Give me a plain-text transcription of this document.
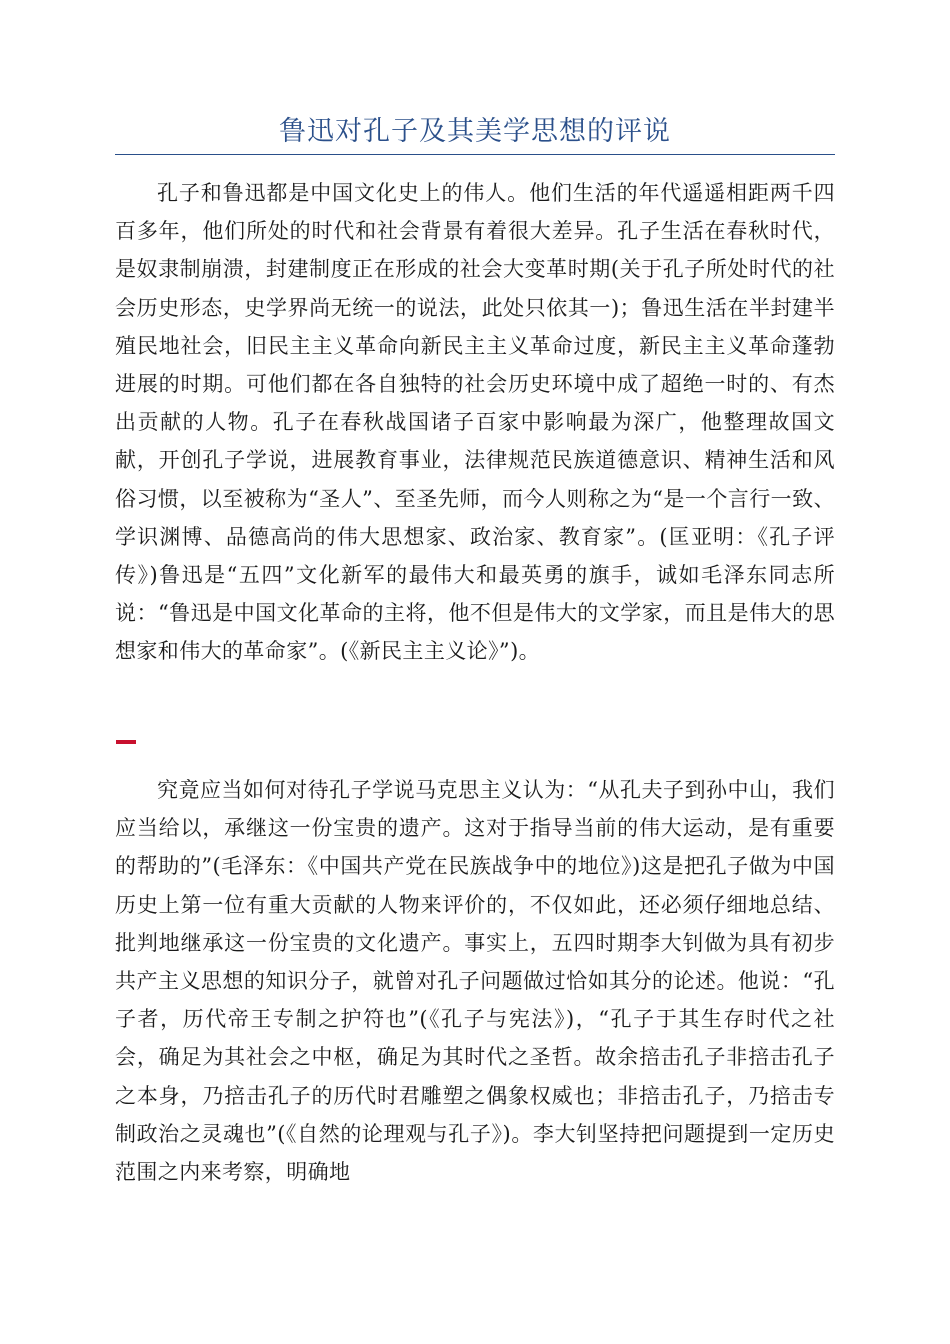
鲁迅对孔子及其美学思想的评说

孔子和鲁迅都是中国文化史上的伟人。他们生活的年代遥遥相距两千四百多年，他们所处的时代和社会背景有着很大差异。孔子生活在春秋时代，是奴隶制崩溃，封建制度正在形成的社会大变革时期(关于孔子所处时代的社会历史形态，史学界尚无统一的说法，此处只依其一)；鲁迅生活在半封建半殖民地社会，旧民主主义革命向新民主主义革命过度，新民主主义革命蓬勃进展的时期。可他们都在各自独特的社会历史环境中成了超绝一时的、有杰出贡献的人物。孔子在春秋战国诸子百家中影响最为深广，他整理故国文献，开创孔子学说，进展教育事业，法律规范民族道德意识、精神生活和风俗习惯，以至被称为“圣人”、至圣先师，而今人则称之为“是一个言行一致、学识渊博、品德高尚的伟大思想家、政治家、教育家”。(匡亚明：《孔子评传》)鲁迅是“五四”文化新军的最伟大和最英勇的旗手，诚如毛泽东同志所说：“鲁迅是中国文化革命的主将，他不但是伟大的文学家，而且是伟大的思想家和伟大的革命家”。(《新民主主义论》”)。

究竟应当如何对待孔子学说马克思主义认为：“从孔夫子到孙中山，我们应当给以，承继这一份宝贵的遗产。这对于指导当前的伟大运动，是有重要的帮助的”(毛泽东：《中国共产党在民族战争中的地位》)这是把孔子做为中国历史上第一位有重大贡献的人物来评价的，不仅如此，还必须仔细地总结、批判地继承这一份宝贵的文化遗产。事实上，五四时期李大钊做为具有初步共产主义思想的知识分子，就曾对孔子问题做过恰如其分的论述。他说：“孔子者，历代帝王专制之护符也”(《孔子与宪法》)，“孔子于其生存时代之社会，确足为其社会之中枢，确足为其时代之圣哲。故余掊击孔子非掊击孔子之本身，乃掊击孔子的历代时君雕塑之偶象权威也；非掊击孔子，乃掊击专制政治之灵魂也”(《自然的论理观与孔子》)。李大钊坚持把问题提到一定历史范围之内来考察，明确地
